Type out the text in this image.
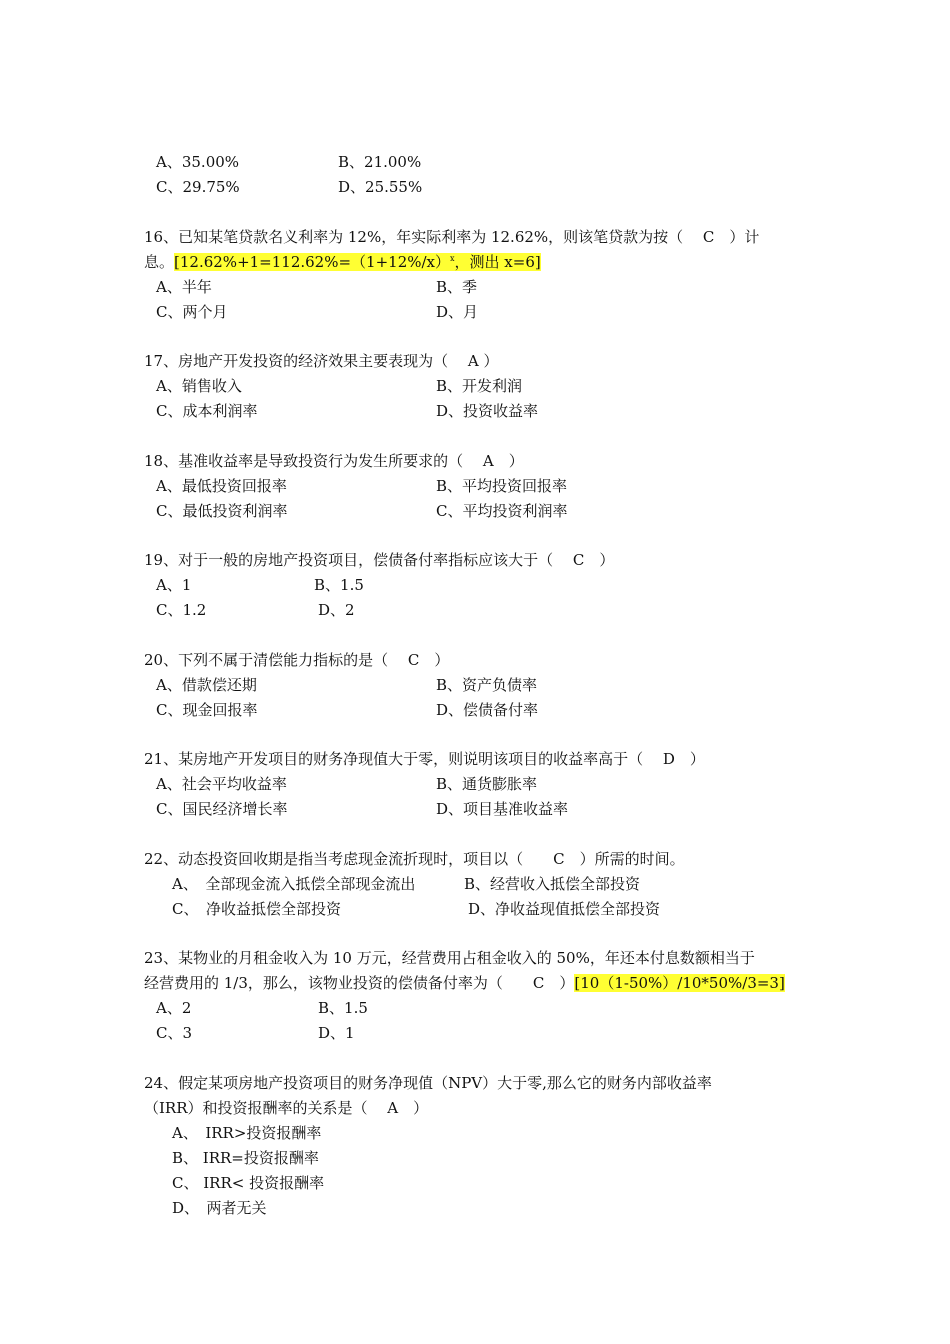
A、35.00%	B、21.00%
C、29.75%	D、25.55%
16、已知某笔贷款名义利率为 12%，年实际利率为 12.62%，则该笔贷款为按（　 C　）计
息。[$12.62\%+1=112.62\%=(1+12\%/x)^x$，测出 x=6]
A、半年	B、季
C、两个月	D、月
17、房地产开发投资的经济效果主要表现为（　 A ）
A、销售收入	B、开发利润
C、成本利润率	D、投资收益率
18、基准收益率是导致投资行为发生所要求的（　 A　）
A、最低投资回报率	B、平均投资回报率
C、最低投资利润率	C、平均投资利润率
19、对于一般的房地产投资项目，偿债备付率指标应该大于（　 C　）
A、1	B、1.5
C、1.2	D、2
20、下列不属于清偿能力指标的是（　 C　）
A、借款偿还期	B、资产负债率
C、现金回报率	D、偿债备付率
21、某房地产开发项目的财务净现值大于零，则说明该项目的收益率高于（　 D　）
A、社会平均收益率	B、通货膨胀率
C、国民经济增长率	D、项目基准收益率
22、动态投资回收期是指当考虑现金流折现时，项目以（　　C　）所需的时间。
A、　全部现金流入抵偿全部现金流出	B、经营收入抵偿全部投资
C、　净收益抵偿全部投资	D、净收益现值抵偿全部投资
23、某物业的月租金收入为 10 万元，经营费用占租金收入的 50%，年还本付息数额相当于
经营费用的 1/3，那么，该物业投资的偿债备付率为（　　C　）[10（1-50%）/10*50%/3=3]
A、2	B、1.5
C、3	D、1
24、假定某项房地产投资项目的财务净现值（NPV）大于零,那么它的财务内部收益率
（IRR）和投资报酬率的关系是（　 A　）
A、　IRR>投资报酬率
B、 IRR=投资报酬率
C、 IRR< 投资报酬率
D、　两者无关
